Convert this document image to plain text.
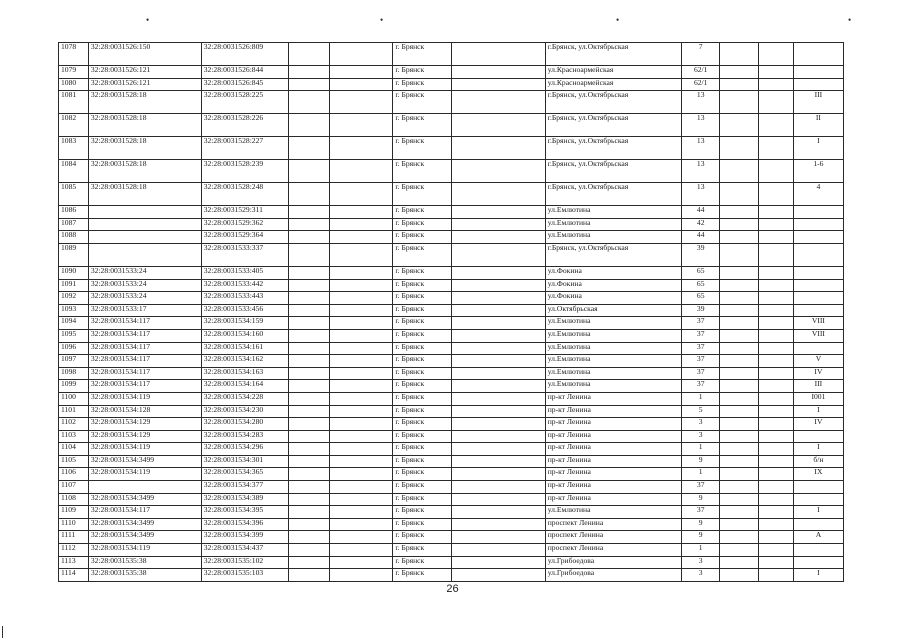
•	•	•	•
1078	32:28:0031526:150	32:28:0031526:809			г. Брянск		г.Брянск, ул.Октябрьская	7			
1079	32:28:0031526:121	32:28:0031526:844			г. Брянск		ул.Красноармейская	62/1			
1080	32:28:0031526:121	32:28:0031526:845			г. Брянск		ул.Красноармейская	62/1			
1081	32:28:0031528:18	32:28:0031528:225			г. Брянск		г.Брянск, ул.Октябрьская	13			III
1082	32:28:0031528:18	32:28:0031528:226			г. Брянск		г.Брянск, ул.Октябрьская	13			II
1083	32:28:0031528:18	32:28:0031528:227			г. Брянск		г.Брянск, ул.Октябрьская	13			I
1084	32:28:0031528:18	32:28:0031528:239			г. Брянск		г.Брянск, ул.Октябрьская	13			1-6
1085	32:28:0031528:18	32:28:0031528:248			г. Брянск		г.Брянск, ул.Октябрьская	13			4
1086		32:28:0031529:311			г. Брянск		ул.Емлютина	44			
1087		32:28:0031529:362			г. Брянск		ул.Емлютина	42			
1088		32:28:0031529:364			г. Брянск		ул.Емлютина	44			
1089		32:28:0031533:337			г. Брянск		г.Брянск, ул.Октябрьская	39			
1090	32:28:0031533:24	32:28:0031533:405			г. Брянск		ул.Фокина	65			
1091	32:28:0031533:24	32:28:0031533:442			г. Брянск		ул.Фокина	65			
1092	32:28:0031533:24	32:28:0031533:443			г. Брянск		ул.Фокина	65			
1093	32:28:0031533:17	32:28:0031533:456			г. Брянск		ул.Октябрьская	39			
1094	32:28:0031534:117	32:28:0031534:159			г. Брянск		ул.Емлютина	37			VIII
1095	32:28:0031534:117	32:28:0031534:160			г. Брянск		ул.Емлютина	37			VIII
1096	32:28:0031534:117	32:28:0031534:161			г. Брянск		ул.Емлютина	37			
1097	32:28:0031534:117	32:28:0031534:162			г. Брянск		ул.Емлютина	37			V
1098	32:28:0031534:117	32:28:0031534:163			г. Брянск		ул.Емлютина	37			IV
1099	32:28:0031534:117	32:28:0031534:164			г. Брянск		ул.Емлютина	37			III
1100	32:28:0031534:119	32:28:0031534:228			г. Брянск		пр-кт Ленина	1			I001
1101	32:28:0031534:128	32:28:0031534:230			г. Брянск		пр-кт Ленина	5			I
1102	32:28:0031534:129	32:28:0031534:280			г. Брянск		пр-кт Ленина	3			IV
1103	32:28:0031534:129	32:28:0031534:283			г. Брянск		пр-кт Ленина	3			
1104	32:28:0031534:119	32:28:0031534:296			г. Брянск		пр-кт Ленина	1			I
1105	32:28:0031534:3499	32:28:0031534:301			г. Брянск		пр-кт Ленина	9			б/н
1106	32:28:0031534:119	32:28:0031534:365			г. Брянск		пр-кт Ленина	1			IX
1107		32:28:0031534:377			г. Брянск		пр-кт Ленина	37			
1108	32:28:0031534:3499	32:28:0031534:389			г. Брянск		пр-кт Ленина	9			
1109	32:28:0031534:117	32:28:0031534:395			г. Брянск		ул.Емлютина	37			I
1110	32:28:0031534:3499	32:28:0031534:396			г. Брянск		проспект Ленина	9			
1111	32:28:0031534:3499	32:28:0031534:399			г. Брянск		проспект Ленина	9			А
1112	32:28:0031534:119	32:28:0031534:437			г. Брянск		проспект Ленина	1			
1113	32:28:0031535:38	32:28:0031535:102			г. Брянск		ул.Грибоедова	3			
1114	32:28:0031535:38	32:28:0031535:103			г. Брянск		ул.Грибоедова	3			I
26
